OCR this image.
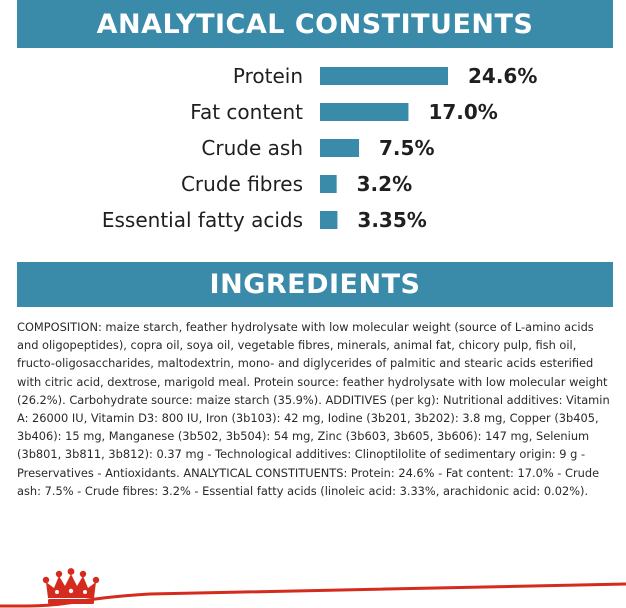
ANALYTICAL CONSTITUENTS
Protein	24.6%
Fat content	17.0%
Crude ash	7.5%
Crude fibres	3.2%
Essential fatty acids	3.35%
INGREDIENTS

COMPOSITION: maize starch, feather hydrolysate with low molecular weight (source of L-amino acids and oligopeptides), copra oil, soya oil, vegetable fibres, minerals, animal fat, chicory pulp, fish oil, fructo-oligosaccharides, maltodextrin, mono- and diglycerides of palmitic and stearic acids esterified with citric acid, dextrose, marigold meal. Protein source: feather hydrolysate with low molecular weight (26.2%). Carbohydrate source: maize starch (35.9%). ADDITIVES (per kg): Nutritional additives: Vitamin A: 26000 IU, Vitamin D3: 800 IU, Iron (3b103): 42 mg, Iodine (3b201, 3b202): 3.8 mg, Copper (3b405, 3b406): 15 mg, Manganese (3b502, 3b504): 54 mg, Zinc (3b603, 3b605, 3b606): 147 mg, Selenium (3b801, 3b811, 3b812): 0.37 mg - Technological additives: Clinoptilolite of sedimentary origin: 9 g - Preservatives - Antioxidants. ANALYTICAL CONSTITUENTS: Protein: 24.6% - Fat content: 17.0% - Crude ash: 7.5% - Crude fibres: 3.2% - Essential fatty acids (linoleic acid: 3.33%, arachidonic acid: 0.02%).
